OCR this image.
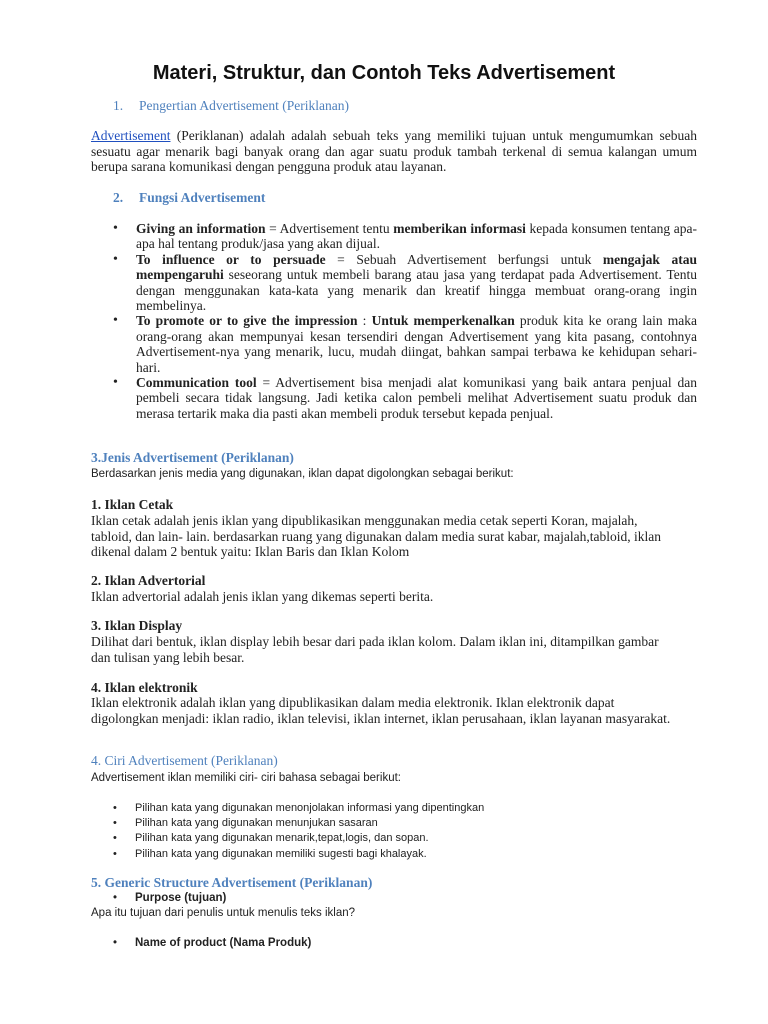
Materi, Struktur, dan Contoh Teks Advertisement
1. Pengertian Advertisement (Periklanan)

Advertisement (Periklanan) adalah adalah sebuah teks yang memiliki tujuan untuk mengumumkan sebuah sesuatu agar menarik bagi banyak orang dan agar suatu produk tambah terkenal di semua kalangan umum berupa sarana komunikasi dengan pengguna produk atau layanan.

2. Fungsi Advertisement
• Giving an information = Advertisement tentu memberikan informasi kepada konsumen tentang apa-apa hal tentang produk/jasa yang akan dijual.
• To influence or to persuade = Sebuah Advertisement berfungsi untuk mengajak atau mempengaruhi seseorang untuk membeli barang atau jasa yang terdapat pada Advertisement. Tentu dengan menggunakan kata-kata yang menarik dan kreatif hingga membuat orang-orang ingin membelinya.
• To promote or to give the impression : Untuk memperkenalkan produk kita ke orang lain maka orang-orang akan mempunyai kesan tersendiri dengan Advertisement yang kita pasang, contohnya Advertisement-nya yang menarik, lucu, mudah diingat, bahkan sampai terbawa ke kehidupan sehari-hari.
• Communication tool = Advertisement bisa menjadi alat komunikasi yang baik antara penjual dan pembeli secara tidak langsung. Jadi ketika calon pembeli melihat Advertisement suatu produk dan merasa tertarik maka dia pasti akan membeli produk tersebut kepada penjual.
3.Jenis Advertisement (Periklanan)
Berdasarkan jenis media yang digunakan, iklan dapat digolongkan sebagai berikut:
1. Iklan Cetak

Iklan cetak adalah jenis iklan yang dipublikasikan menggunakan media cetak seperti Koran, majalah, tabloid, dan lain- lain. berdasarkan ruang yang digunakan dalam media surat kabar, majalah,tabloid, iklan dikenal dalam 2 bentuk yaitu: Iklan Baris dan Iklan Kolom

2. Iklan Advertorial

Iklan advertorial adalah jenis iklan yang dikemas seperti berita.

3. Iklan Display

Dilihat dari bentuk, iklan display lebih besar dari pada iklan kolom. Dalam iklan ini, ditampilkan gambar dan tulisan yang lebih besar.

4. Iklan elektronik

Iklan elektronik adalah iklan yang dipublikasikan dalam media elektronik. Iklan elektronik dapat digolongkan menjadi: iklan radio, iklan televisi, iklan internet, iklan perusahaan, iklan layanan masyarakat.

4. Ciri Advertisement (Periklanan)
Advertisement iklan memiliki ciri- ciri bahasa sebagai berikut:
• Pilihan kata yang digunakan menonjolakan informasi yang dipentingkan
• Pilihan kata yang digunakan menunjukan sasaran
• Pilihan kata yang digunakan menarik,tepat,logis, dan sopan.
• Pilihan kata yang digunakan memiliki sugesti bagi khalayak.
5. Generic Structure Advertisement (Periklanan)
• Purpose (tujuan)
Apa itu tujuan dari penulis untuk menulis teks iklan?
• Name of product (Nama Produk)
